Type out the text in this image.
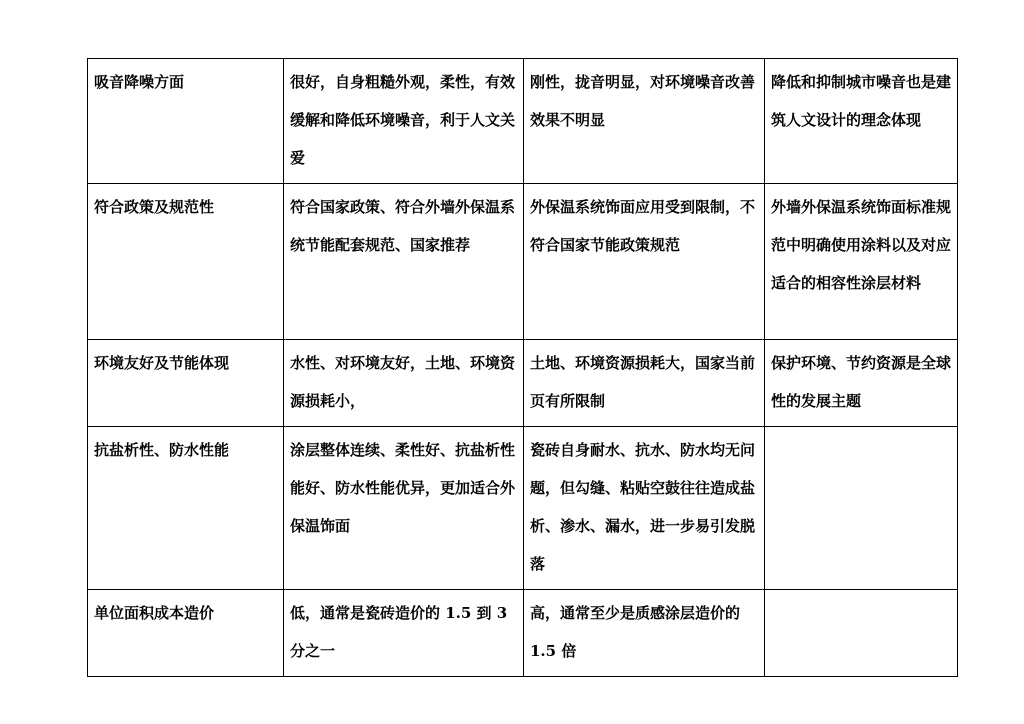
吸音降噪方面	很好，自身粗糙外观，柔性，有效缓解和降低环境噪音，利于人文关爱	刚性，拢音明显，对环境噪音改善效果不明显	降低和抑制城市噪音也是建筑人文设计的理念体现
符合政策及规范性	符合国家政策、符合外墙外保温系统节能配套规范、国家推荐	外保温系统饰面应用受到限制，不符合国家节能政策规范	外墙外保温系统饰面标准规范中明确使用涂料以及对应适合的相容性涂层材料
环境友好及节能体现	水性、对环境友好，土地、环境资源损耗小，	土地、环境资源损耗大，国家当前页有所限制	保护环境、节约资源是全球性的发展主题
抗盐析性、防水性能	涂层整体连续、柔性好、抗盐析性能好、防水性能优异，更加适合外保温饰面	瓷砖自身耐水、抗水、防水均无问题，但勾缝、粘贴空鼓往往造成盐析、渗水、漏水，进一步易引发脱落	
单位面积成本造价	低，通常是瓷砖造价的 1.5 到 3 分之一	高，通常至少是质感涂层造价的 1.5 倍	
